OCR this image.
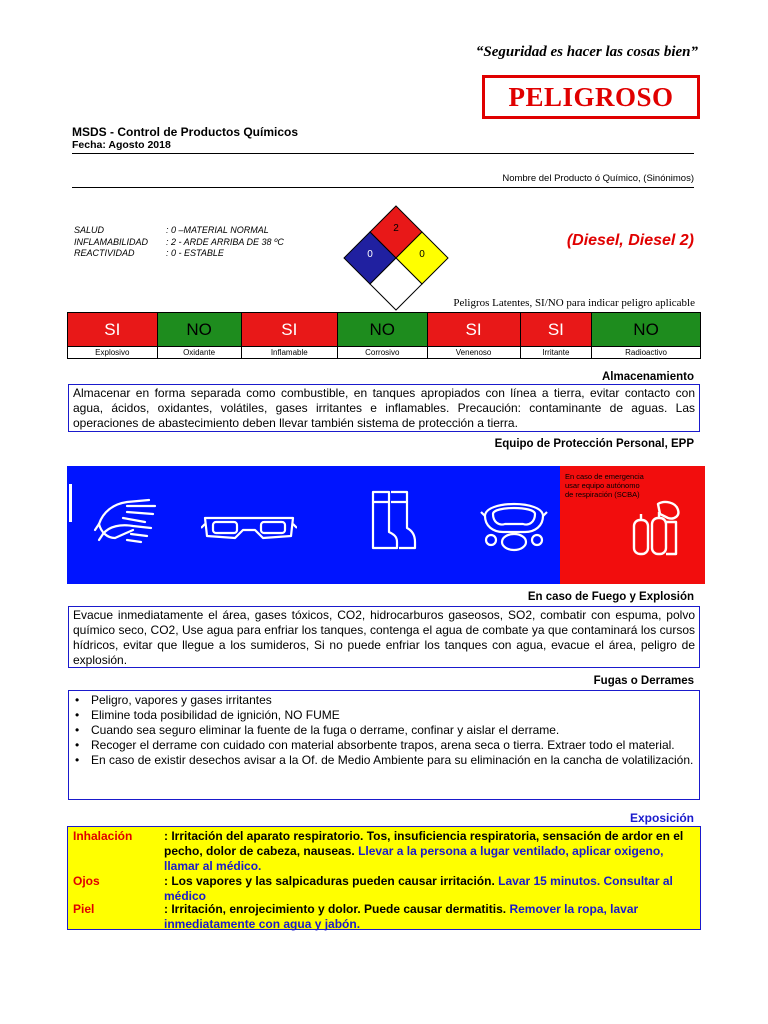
“Seguridad es hacer las cosas bien”
PELIGROSO
MSDS - Control de Productos Químicos
Fecha: Agosto 2018
Nombre del Producto ó Químico, (Sinónimos)
SALUD	: 0 –MATERIAL NORMAL
INFLAMABILIDAD : 2 - ARDE ARRIBA DE 38 ºC
REACTIVIDAD	: 0 - ESTABLE
2
0	0
(Diesel, Diesel 2)
Peligros Latentes, SI/NO para indicar peligro aplicable
SI	NO	SI	NO	SI	SI	NO
Explosivo	Oxidante	Inflamable	Corrosivo	Venenoso	Irritante	Radioactivo
Almacenamiento
Almacenar en forma separada como combustible, en tanques apropiados con línea a tierra, evitar contacto con agua, ácidos, oxidantes, volátiles, gases irritantes e inflamables. Precaución: contaminante de aguas. Las operaciones de abastecimiento deben llevar también sistema de protección a tierra.
Equipo de Protección Personal, EPP
En caso de emergencia usar equipo autónomo de respiración (SCBA)
En caso de Fuego y Explosión
Evacue inmediatamente el área, gases tóxicos, CO2, hidrocarburos gaseosos, SO2, combatir con espuma, polvo químico seco, CO2, Use agua para enfriar los tanques, contenga el agua de combate ya que contaminará los cursos hídricos, evitar que llegue a los sumideros, Si no puede enfriar los tanques con agua, evacue el área, peligro de explosión.
Fugas o Derrames
• Peligro, vapores y gases irritantes
• Elimine toda posibilidad de ignición, NO FUME
• Cuando sea seguro eliminar la fuente de la fuga o derrame, confinar y aislar el derrame.
• Recoger el derrame con cuidado con material absorbente trapos, arena seca o tierra. Extraer todo el material.
• En caso de existir desechos avisar a la Of. de Medio Ambiente para su eliminación en la cancha de volatilización.
Exposición
Inhalación	: Irritación del aparato respiratorio. Tos, insuficiencia respiratoria, sensación de ardor en el pecho, dolor de cabeza, nauseas. Llevar a la persona a lugar ventilado, aplicar oxigeno, llamar al médico.
Ojos	: Los vapores y las salpicaduras pueden causar irritación. Lavar 15 minutos. Consultar al médico
Piel	: Irritación, enrojecimiento y dolor. Puede causar dermatitis. Remover la ropa, lavar inmediatamente con agua y jabón.
